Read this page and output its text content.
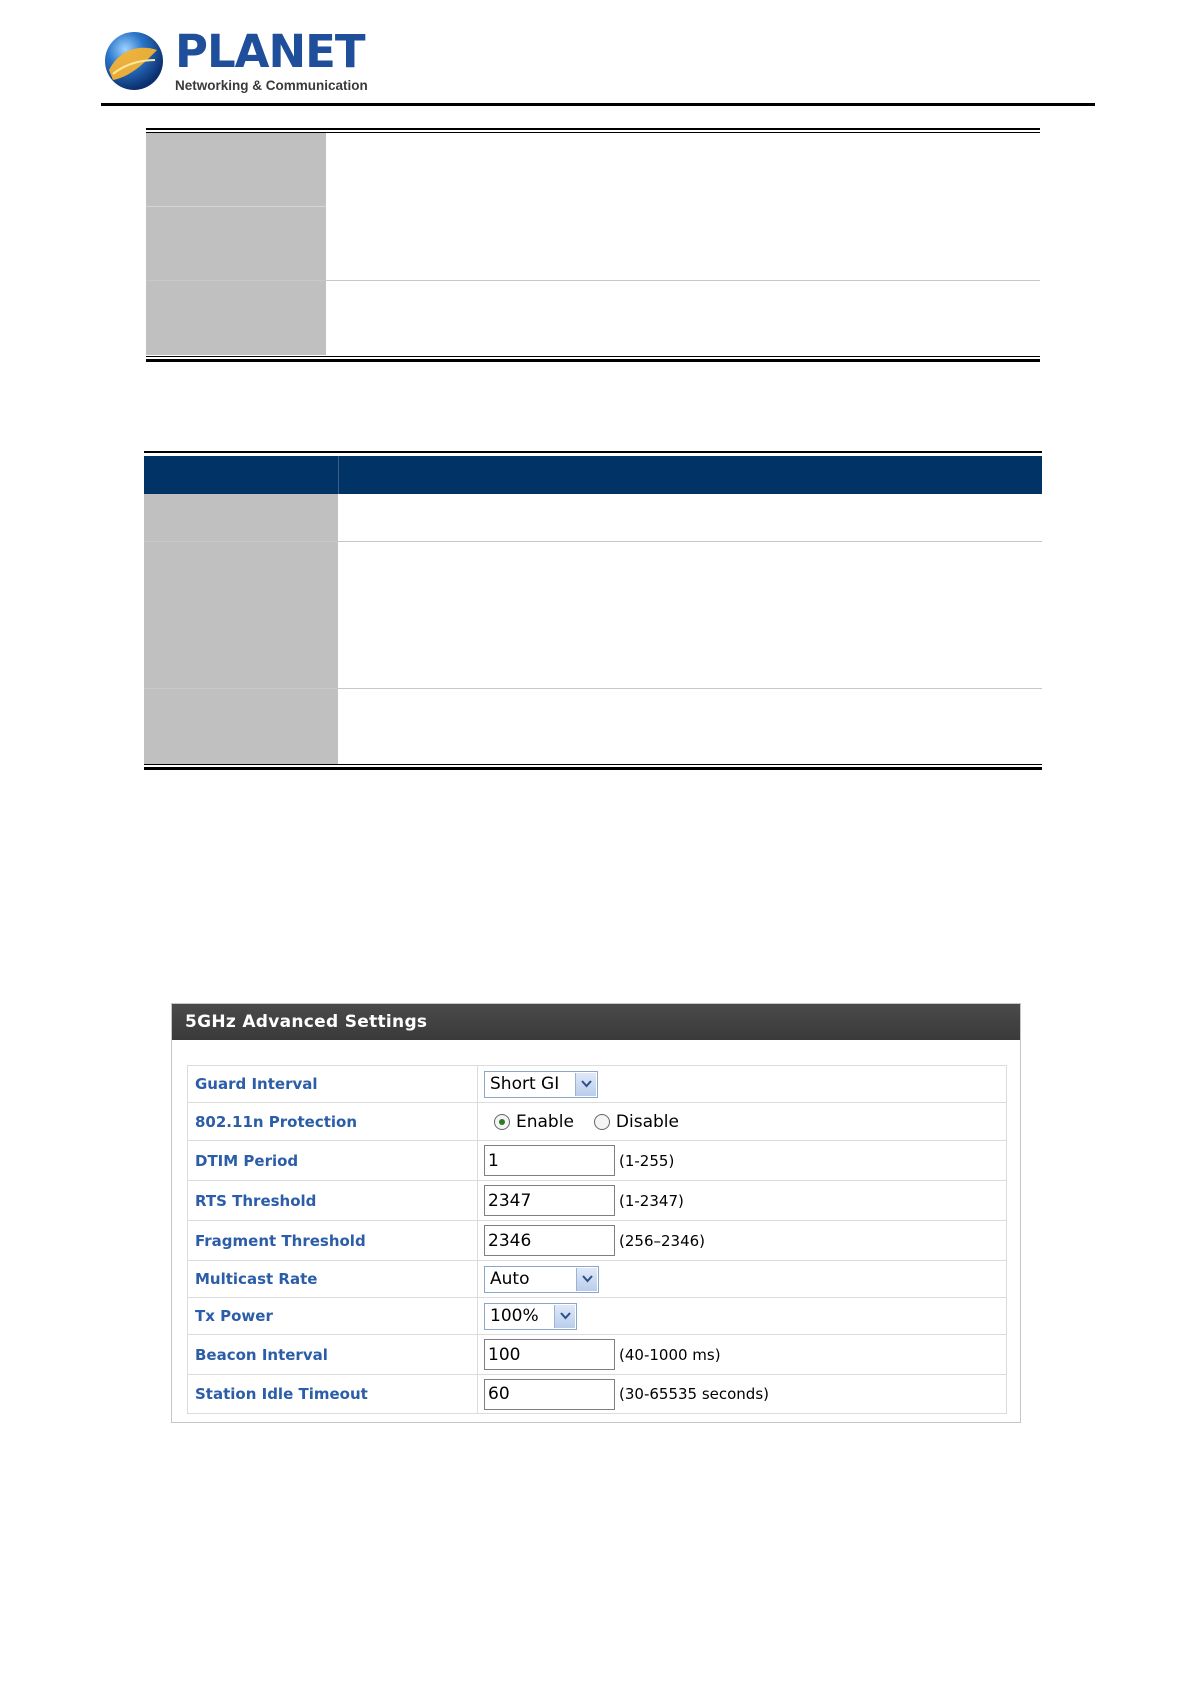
PLANET
Networking & Communication
5GHz Advanced Settings
Guard Interval	Short GI
802.11n Protection	Enable Disable
DTIM Period	1	(1-255)
RTS Threshold	2347	(1-2347)
Fragment Threshold	2346	(256–2346)
Multicast Rate	Auto
Tx Power	100%
Beacon Interval	100	(40-1000 ms)
Station Idle Timeout	60	(30-65535 seconds)
